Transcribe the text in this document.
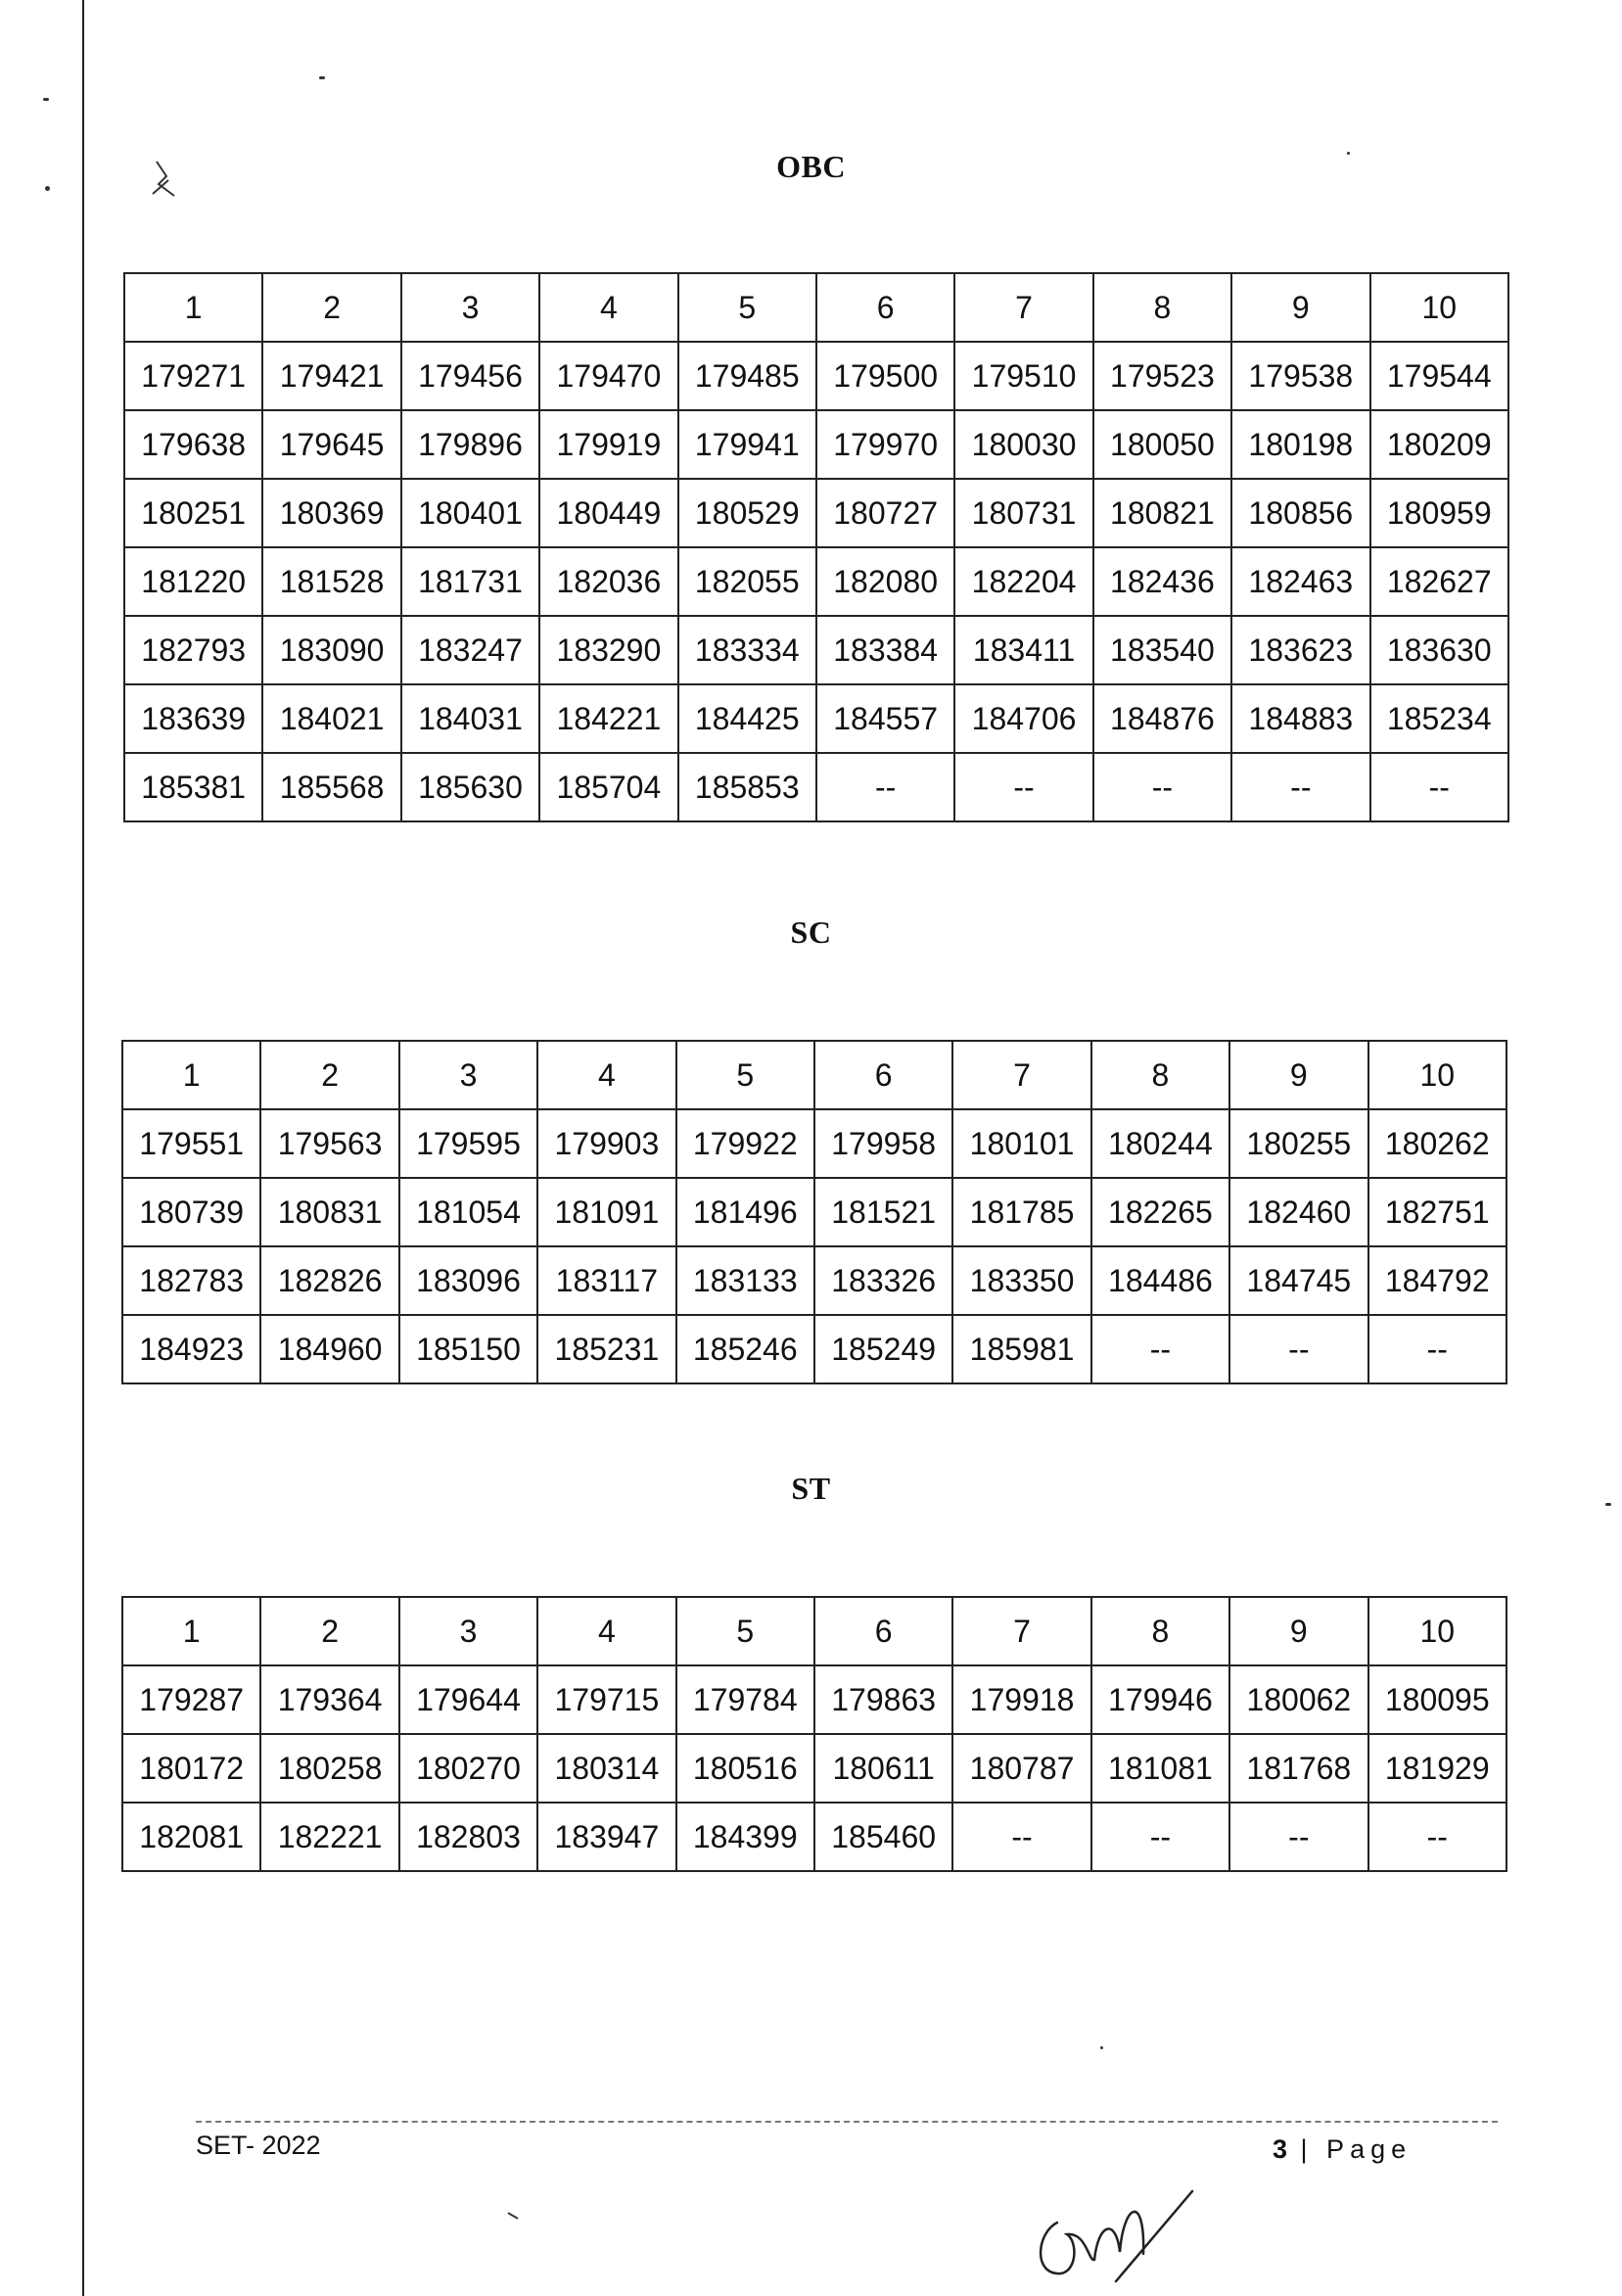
OBC
1	2	3	4	5	6	7	8	9	10
179271	179421	179456	179470	179485	179500	179510	179523	179538	179544
179638	179645	179896	179919	179941	179970	180030	180050	180198	180209
180251	180369	180401	180449	180529	180727	180731	180821	180856	180959
181220	181528	181731	182036	182055	182080	182204	182436	182463	182627
182793	183090	183247	183290	183334	183384	183411	183540	183623	183630
183639	184021	184031	184221	184425	184557	184706	184876	184883	185234
185381	185568	185630	185704	185853	--	--	--	--	--
SC
1	2	3	4	5	6	7	8	9	10
179551	179563	179595	179903	179922	179958	180101	180244	180255	180262
180739	180831	181054	181091	181496	181521	181785	182265	182460	182751
182783	182826	183096	183117	183133	183326	183350	184486	184745	184792
184923	184960	185150	185231	185246	185249	185981	--	--	--
ST
1	2	3	4	5	6	7	8	9	10
179287	179364	179644	179715	179784	179863	179918	179946	180062	180095
180172	180258	180270	180314	180516	180611	180787	181081	181768	181929
182081	182221	182803	183947	184399	185460	--	--	--	--
SET- 2022	3 | Page
